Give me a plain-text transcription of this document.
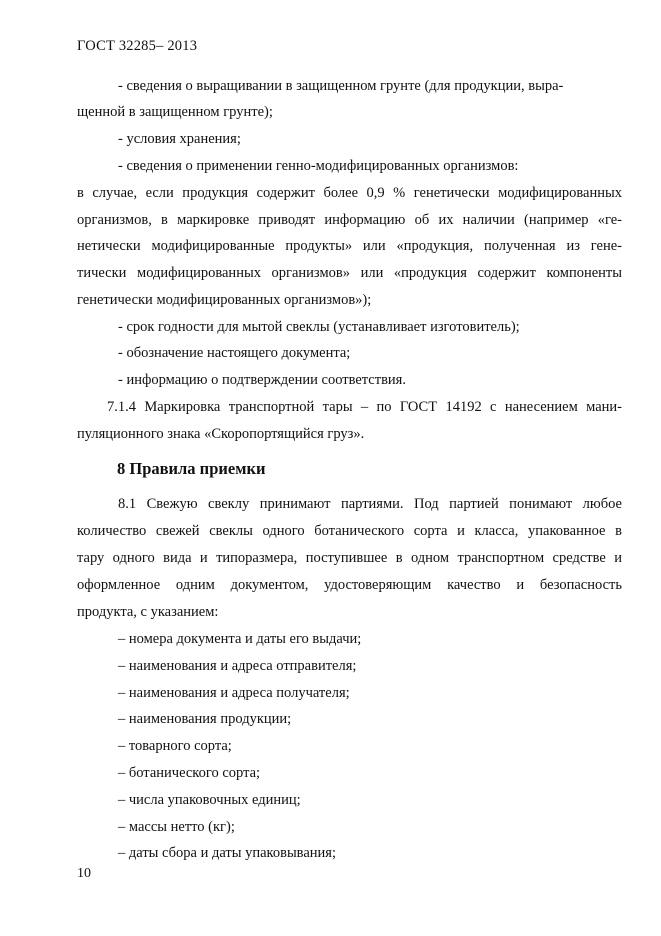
ГОСТ 32285– 2013
- сведения о выращивании в защищенном грунте (для продукции, выра-
щенной в защищенном грунте);
- условия хранения;
- сведения о применении генно-модифицированных организмов:
в случае, если продукция содержит более 0,9 % генетически модифицированных
организмов, в маркировке приводят информацию об их наличии (например «ге-
нетически модифицированные продукты» или «продукция, полученная из гене-
тически модифицированных организмов» или «продукция содержит компоненты
генетически модифицированных организмов»);
- срок годности для мытой свеклы (устанавливает изготовитель);
- обозначение настоящего документа;
- информацию о подтверждении соответствия.
7.1.4 Маркировка транспортной тары – по ГОСТ 14192 с нанесением мани-
пуляционного знака «Скоропортящийся груз».
8 Правила приемки
8.1 Свежую свеклу принимают партиями. Под партией понимают любое
количество свежей свеклы одного ботанического сорта и класса, упакованное в
тару одного вида и типоразмера, поступившее в одном транспортном средстве и
оформленное одним документом, удостоверяющим качество и безопасность
продукта, с указанием:
– номера документа и даты его выдачи;
– наименования и адреса отправителя;
– наименования и адреса получателя;
– наименования продукции;
– товарного сорта;
– ботанического сорта;
– числа упаковочных единиц;
– массы нетто (кг);
– даты сбора и даты упаковывания;
10
